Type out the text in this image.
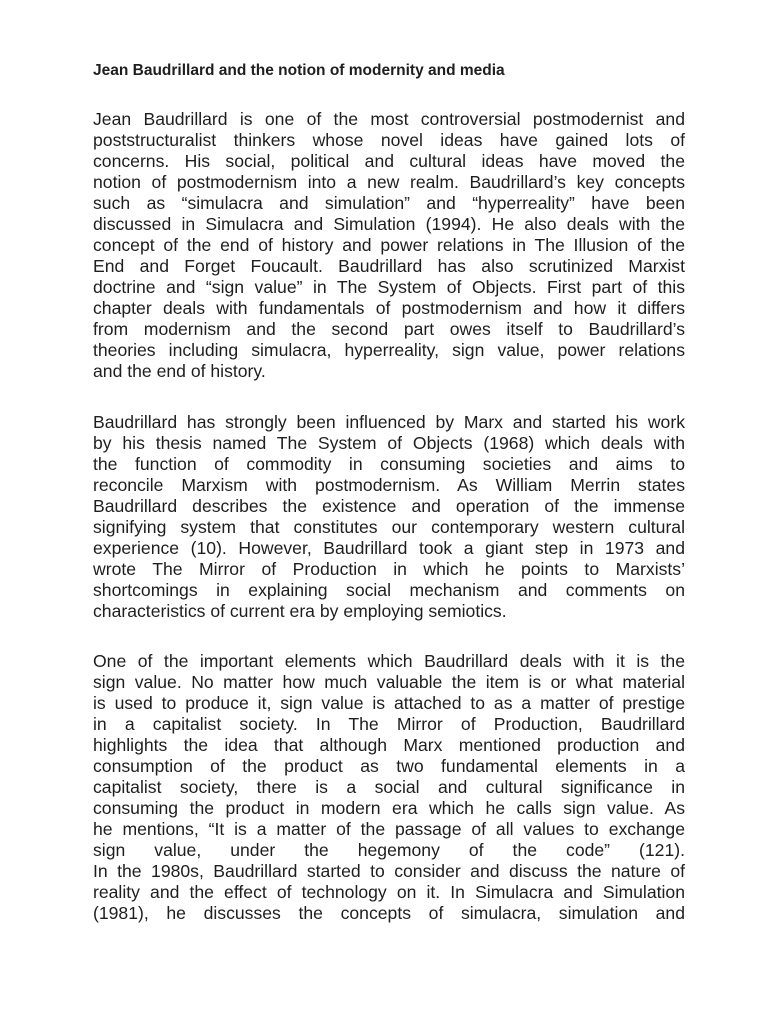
Jean Baudrillard and the notion of modernity and media

Jean Baudrillard is one of the most controversial postmodernist and
poststructuralist thinkers whose novel ideas have gained lots of
concerns. His social, political and cultural ideas have moved the
notion of postmodernism into a new realm. Baudrillard’s key concepts
such as “simulacra and simulation” and “hyperreality” have been
discussed in Simulacra and Simulation (1994). He also deals with the
concept of the end of history and power relations in The Illusion of the
End and Forget Foucault. Baudrillard has also scrutinized Marxist
doctrine and “sign value” in The System of Objects. First part of this
chapter deals with fundamentals of postmodernism and how it differs
from modernism and the second part owes itself to Baudrillard’s
theories including simulacra, hyperreality, sign value, power relations
and the end of history.

Baudrillard has strongly been influenced by Marx and started his work
by his thesis named The System of Objects (1968) which deals with
the function of commodity in consuming societies and aims to
reconcile Marxism with postmodernism. As William Merrin states
Baudrillard describes the existence and operation of the immense
signifying system that constitutes our contemporary western cultural
experience (10). However, Baudrillard took a giant step in 1973 and
wrote The Mirror of Production in which he points to Marxists’
shortcomings in explaining social mechanism and comments on
characteristics of current era by employing semiotics.

One of the important elements which Baudrillard deals with it is the
sign value. No matter how much valuable the item is or what material
is used to produce it, sign value is attached to as a matter of prestige
in a capitalist society. In The Mirror of Production, Baudrillard
highlights the idea that although Marx mentioned production and
consumption of the product as two fundamental elements in a
capitalist society, there is a social and cultural significance in
consuming the product in modern era which he calls sign value. As
he mentions, “It is a matter of the passage of all values to exchange
sign value, under the hegemony of the code” (121).
In the 1980s, Baudrillard started to consider and discuss the nature of
reality and the effect of technology on it. In Simulacra and Simulation
(1981), he discusses the concepts of simulacra, simulation and
